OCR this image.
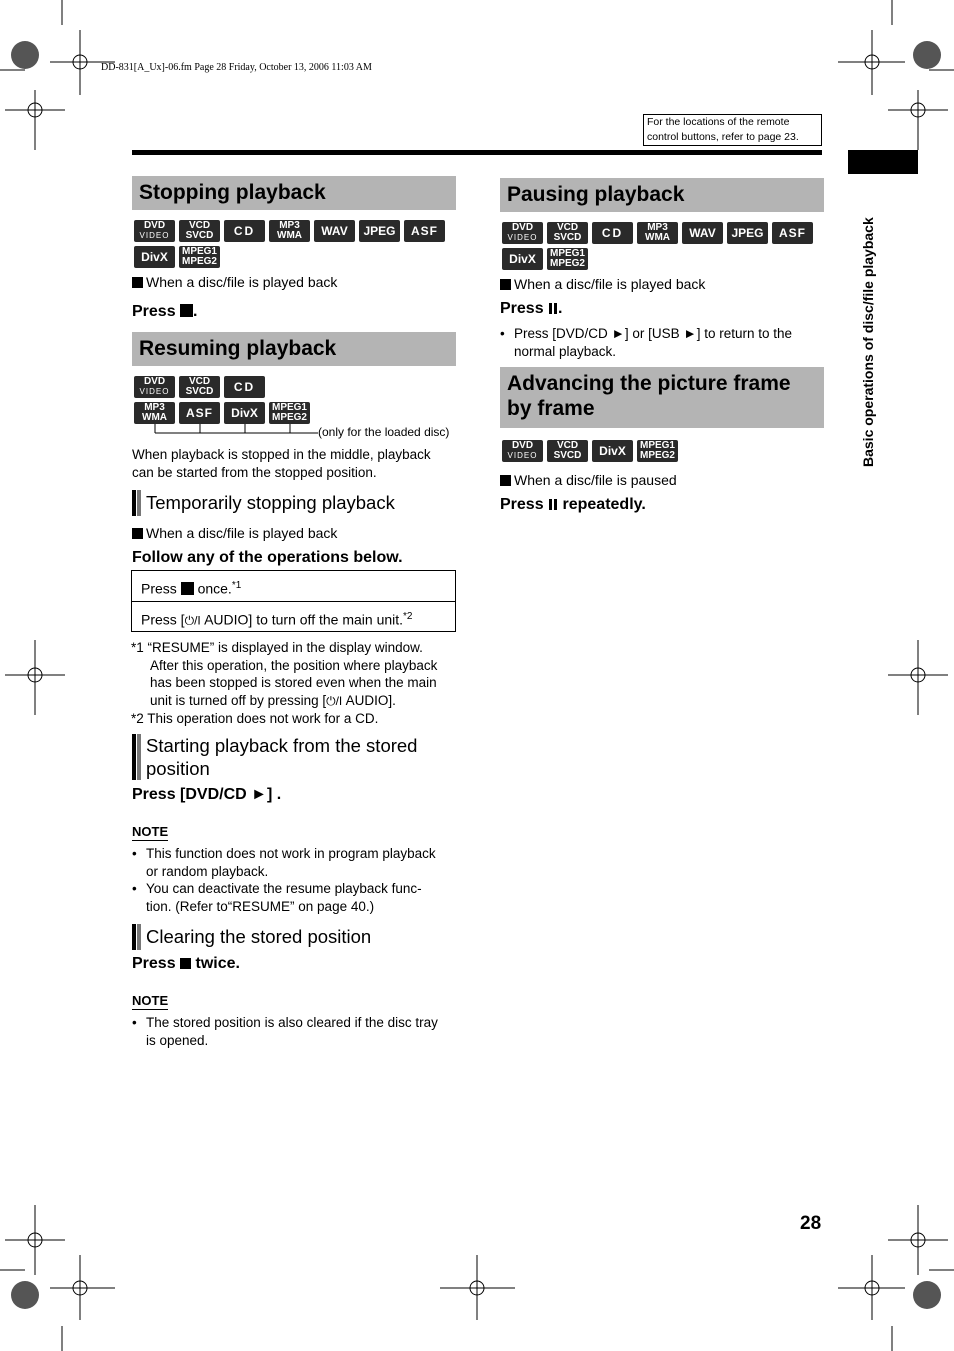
DD-831[A_Ux]-06.fm Page 28 Friday, October 13, 2006 11:03 AM
For the locations of the remote
control buttons, refer to page 23.
Basic operations of disc/file playback
Stopping playback
DVD
VIDEO
VCD
SVCD	CD	MP3
WMA	WAV	JPEG	ASF
DivX	MPEG1
MPEG2
When a disc/file is played back
Press .
Resuming playback
DVD
VIDEO
VCD
SVCD	CD
MP3
WMA	ASF	DivX	MPEG1
MPEG2
(only for the loaded disc)
When playback is stopped in the middle, playback
can be started from the stopped position.
Temporarily stopping playback
When a disc/file is played back
Follow any of the operations below.
Press once.$^{*1}$
Press [⏻/I AUDIO] to turn off the main unit.$^{*2}$
*1 “RESUME” is displayed in the display window.
After this operation, the position where playback
has been stopped is stored even when the main
unit is turned off by pressing [⏻/I AUDIO].
*2 This operation does not work for a CD.
Starting playback from the stored
position
Press [DVD/CD ►] .
NOTE
• This function does not work in program playback
or random playback.
• You can deactivate the resume playback func-
tion. (Refer to“RESUME” on page 40.)
Clearing the stored position
Press twice.
NOTE
• The stored position is also cleared if the disc tray
is opened.
Pausing playback
DVD
VIDEO
VCD
SVCD	CD	MP3
WMA	WAV	JPEG	ASF
DivX	MPEG1
MPEG2
When a disc/file is played back
Press .
• Press [DVD/CD ►] or [USB ►] to return to the
normal playback.
Advancing the picture frame
by frame
DVD
VIDEO
VCD
SVCD	DivX	MPEG1
MPEG2
When a disc/file is paused
Press repeatedly.
28
